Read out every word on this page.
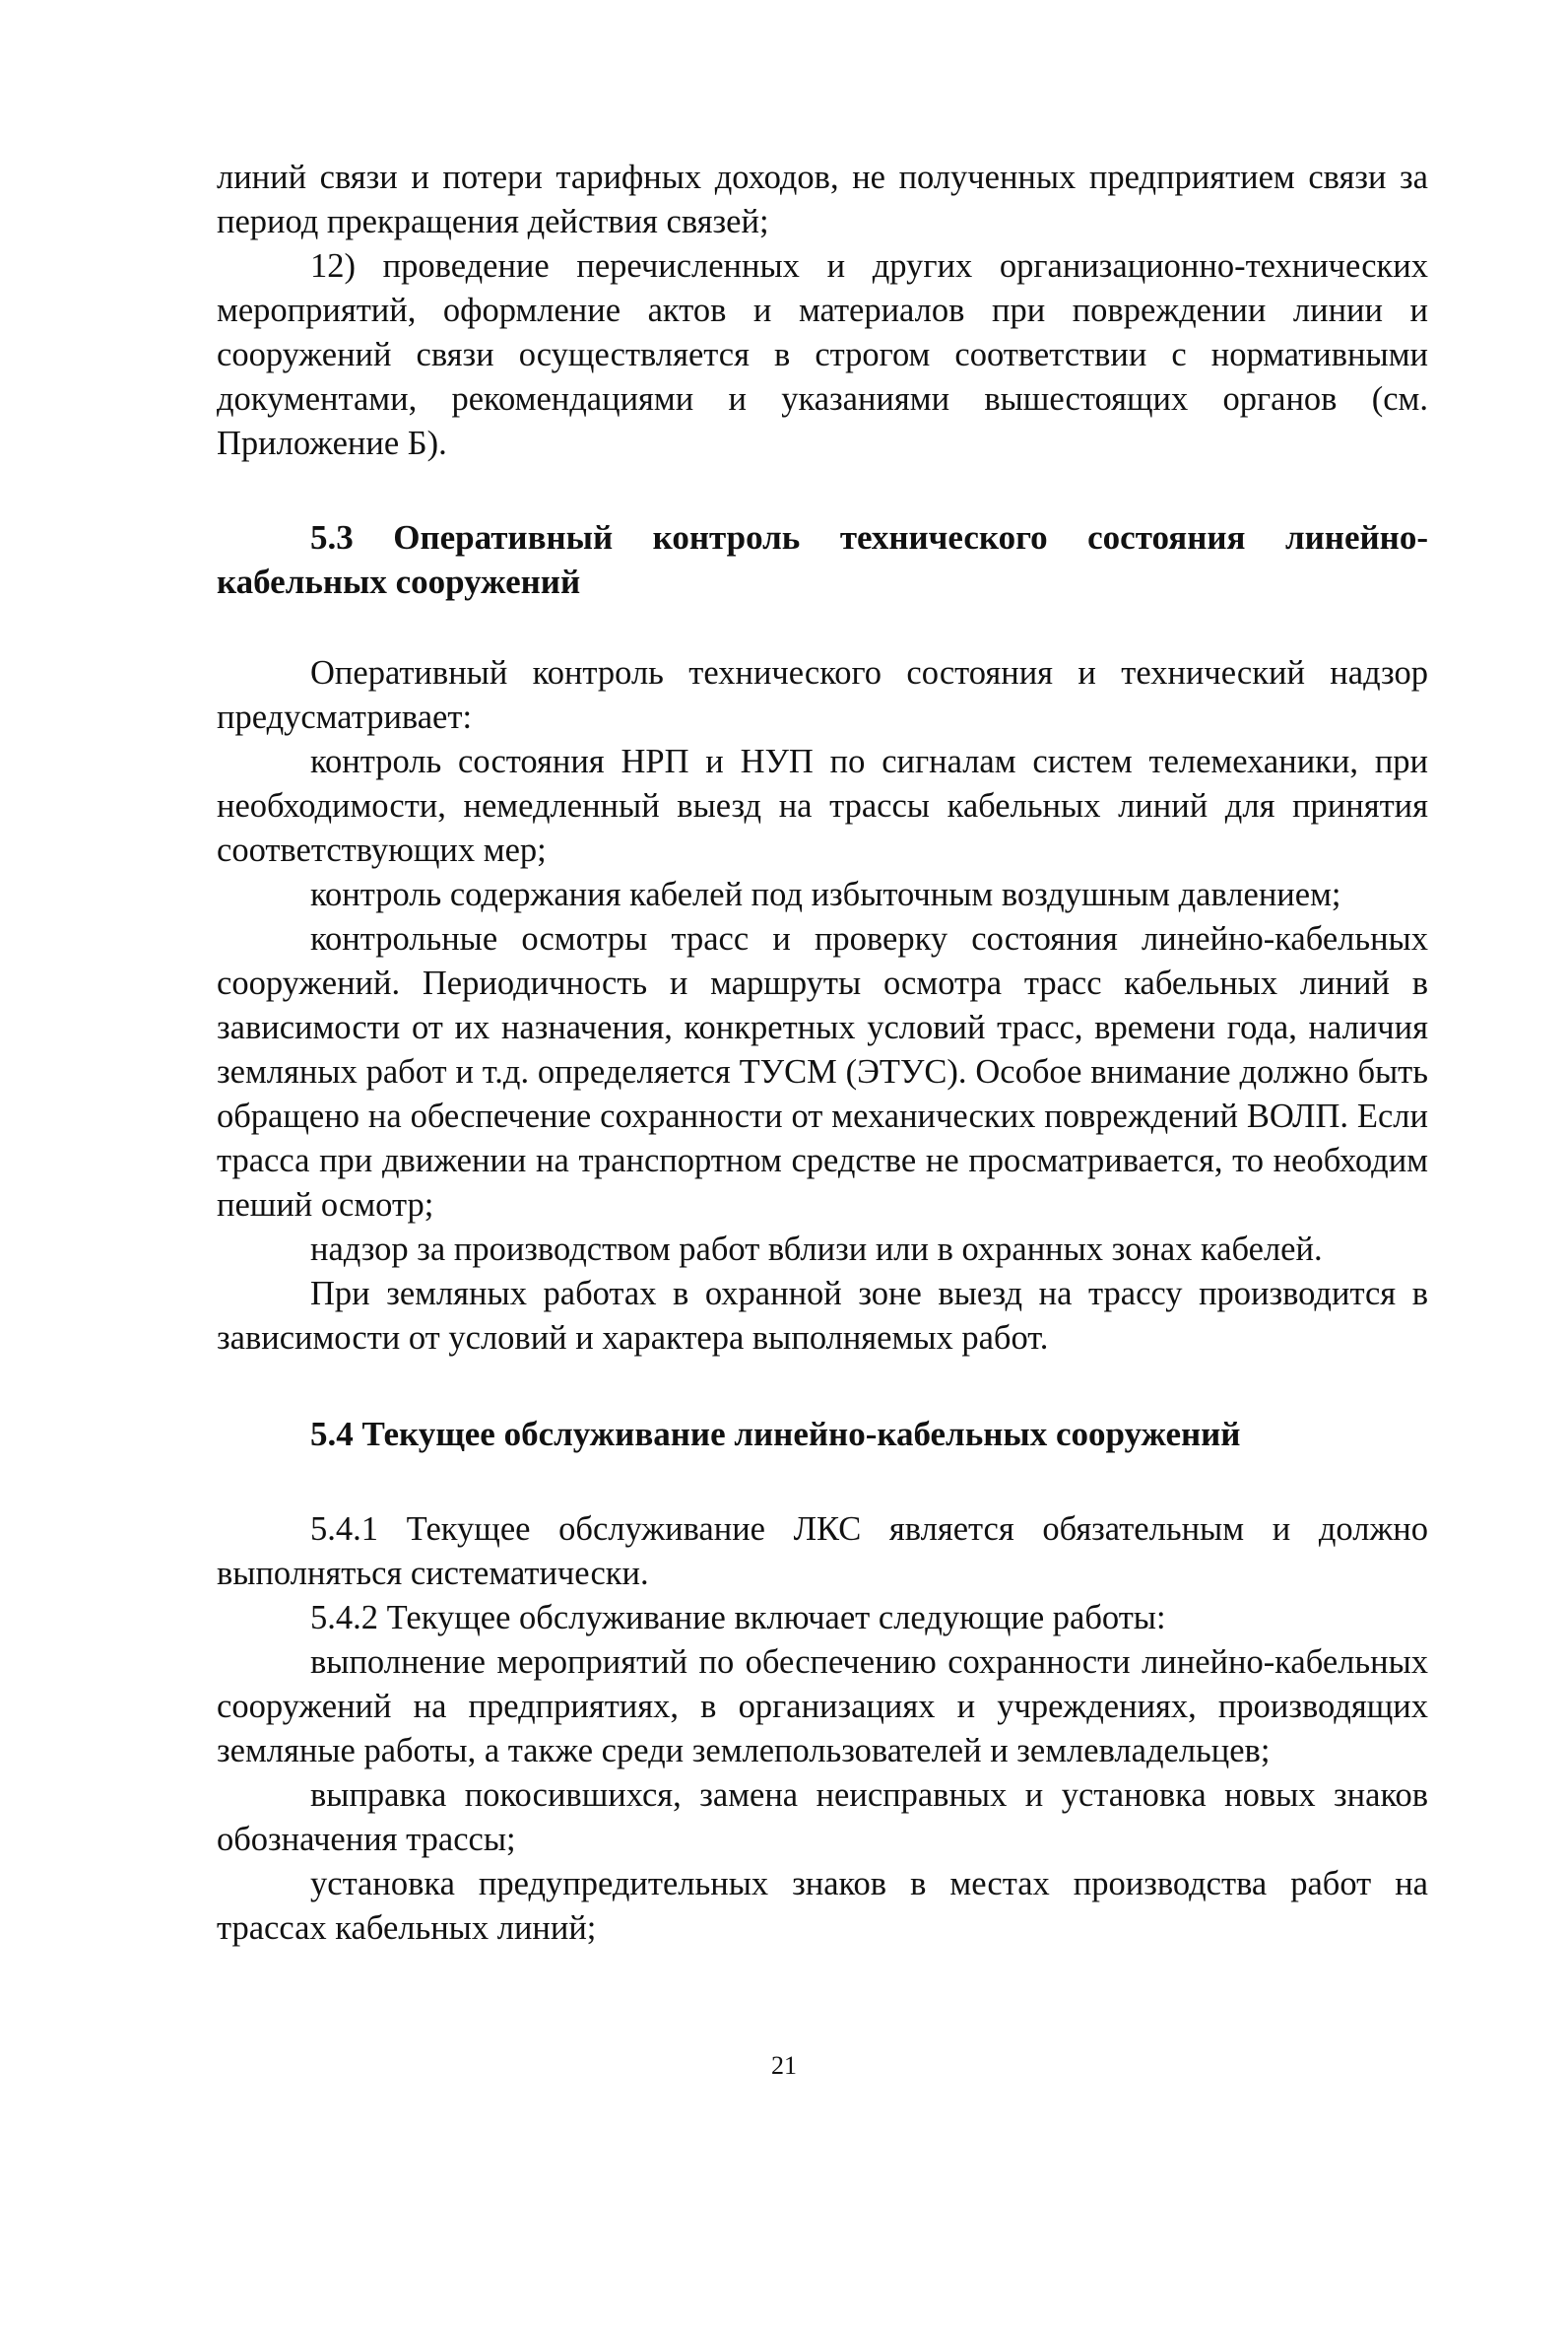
линий связи и потери тарифных доходов, не полученных предприятием связи за период прекращения действия связей;

12) проведение перечисленных и других организационно-технических мероприятий, оформление актов и материалов при повреждении линии и сооружений связи осуществляется в строгом соответствии с нормативными документами, рекомендациями и указаниями вышестоящих органов (см. Приложение Б).

5.3 Оперативный контроль технического состояния линейно-кабельных сооружений

Оперативный контроль технического состояния и технический надзор предусматривает:

контроль состояния НРП и НУП по сигналам систем телемеханики, при необходимости, немедленный выезд на трассы кабельных линий для принятия соответствующих мер;

контроль содержания кабелей под избыточным воздушным давлением;

контрольные осмотры трасс и проверку состояния линейно-кабельных сооружений. Периодичность и маршруты осмотра трасс кабельных линий в зависимости от их назначения, конкретных условий трасс, времени года, наличия земляных работ и т.д. определяется ТУСМ (ЭТУС). Особое внимание должно быть обращено на обеспечение сохранности от механических повреждений ВОЛП. Если трасса при движении на транспортном средстве не просматривается, то необходим пеший осмотр;

надзор за производством работ вблизи или в охранных зонах кабелей.

При земляных работах в охранной зоне выезд на трассу производится в зависимости от условий и характера выполняемых работ.

5.4 Текущее обслуживание линейно-кабельных сооружений

5.4.1 Текущее обслуживание ЛКС является обязательным и должно выполняться систематически.

5.4.2 Текущее обслуживание включает следующие работы:

выполнение мероприятий по обеспечению сохранности линейно-кабельных сооружений на предприятиях, в организациях и учреждениях, производящих земляные работы, а также среди землепользователей и землевладельцев;

выправка покосившихся, замена неисправных и установка новых знаков обозначения трассы;

установка предупредительных знаков в местах производства работ на трассах кабельных линий;

21
